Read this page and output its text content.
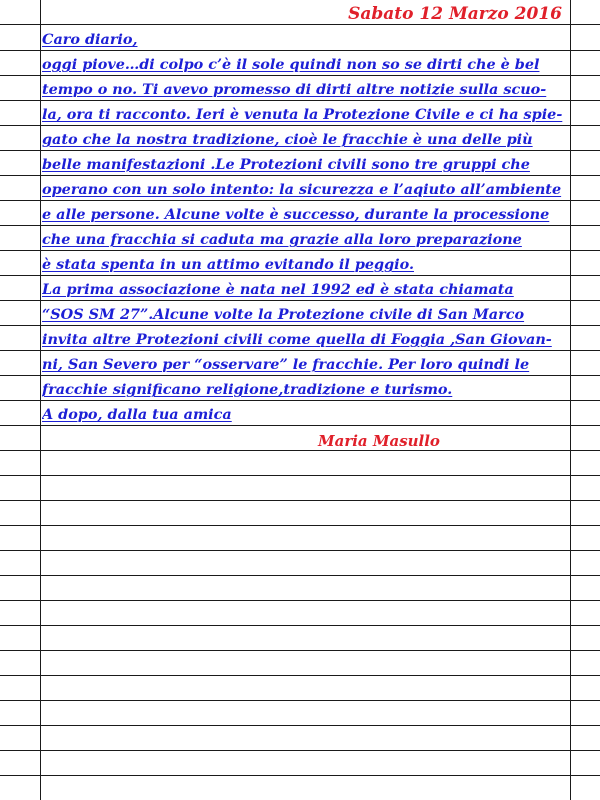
Sabato 12 Marzo 2016
Caro diario,
oggi piove…di colpo c’è il sole quindi non so se dirti che è bel
tempo o no. Ti avevo promesso di dirti altre notizie sulla scuo-
la, ora ti racconto. Ieri è venuta la Protezione Civile e ci ha spie-
gato che la nostra tradizione, cioè le fracchie è una delle più
belle manifestazioni .Le Protezioni civili sono tre gruppi che
operano con un solo intento: la sicurezza e l’aqiuto all’ambiente
e alle persone. Alcune volte è successo, durante la processione
che una fracchia si caduta ma grazie alla loro preparazione
è stata spenta in un attimo evitando il peggio.
La prima associazione è nata nel 1992 ed è stata chiamata
“SOS SM 27”.Alcune volte la Protezione civile di San Marco
invita altre Protezioni civili come quella di Foggia ,San Giovan-
ni, San Severo per “osservare” le fracchie. Per loro quindi le
fracchie significano religione,tradizione e turismo.
A dopo, dalla tua amica
Maria Masullo
